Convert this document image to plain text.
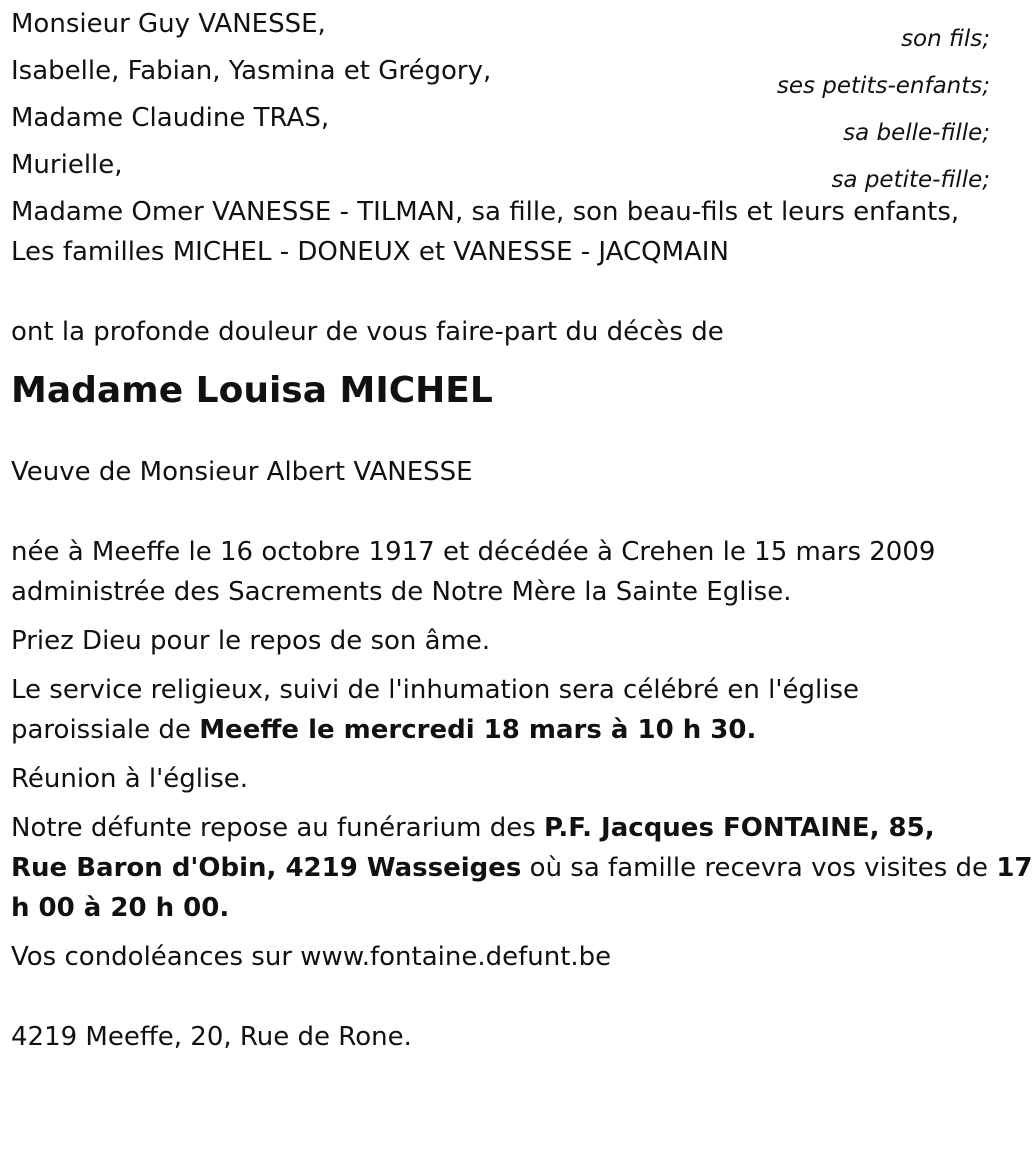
Monsieur Guy VANESSE,	son fils;
Isabelle, Fabian, Yasmina et Grégory,	ses petits-enfants;
Madame Claudine TRAS,	sa belle-fille;
Murielle,	sa petite-fille;
Madame Omer VANESSE - TILMAN, sa fille, son beau-fils et leurs enfants,
Les familles MICHEL - DONEUX et VANESSE - JACQMAIN
ont la profonde douleur de vous faire-part du décès de
Madame Louisa MICHEL
Veuve de Monsieur Albert VANESSE
née à Meeffe le 16 octobre 1917 et décédée à Crehen le 15 mars 2009
administrée des Sacrements de Notre Mère la Sainte Eglise.
Priez Dieu pour le repos de son âme.
Le service religieux, suivi de l'inhumation sera célébré en l'église
paroissiale de Meeffe le mercredi 18 mars à 10 h 30.
Réunion à l'église.
Notre défunte repose au funérarium des P.F. Jacques FONTAINE, 85,
Rue Baron d'Obin, 4219 Wasseiges où sa famille recevra vos visites de 17
h 00 à 20 h 00.
Vos condoléances sur www.fontaine.defunt.be
4219 Meeffe, 20, Rue de Rone.
